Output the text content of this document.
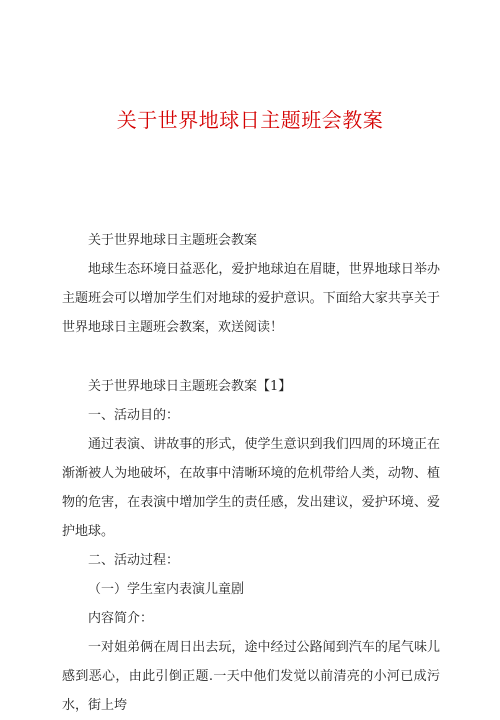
关于世界地球日主题班会教案

关于世界地球日主题班会教案

地球生态环境日益恶化，爱护地球迫在眉睫，世界地球日举办主题班会可以增加学生们对地球的爱护意识。下面给大家共享关于世界地球日主题班会教案，欢送阅读！

关于世界地球日主题班会教案【1】

一、活动目的：

通过表演、讲故事的形式，使学生意识到我们四周的环境正在渐渐被人为地破坏，在故事中清晰环境的危机带给人类，动物、植物的危害，在表演中增加学生的责任感，发出建议，爱护环境、爱护地球。

二、活动过程：

（一）学生室内表演儿童剧

内容简介：

一对姐弟俩在周日出去玩，途中经过公路闻到汽车的尾气味儿感到恶心，由此引倒正题.一天中他们发觉以前清亮的小河已成污水，街上垮
